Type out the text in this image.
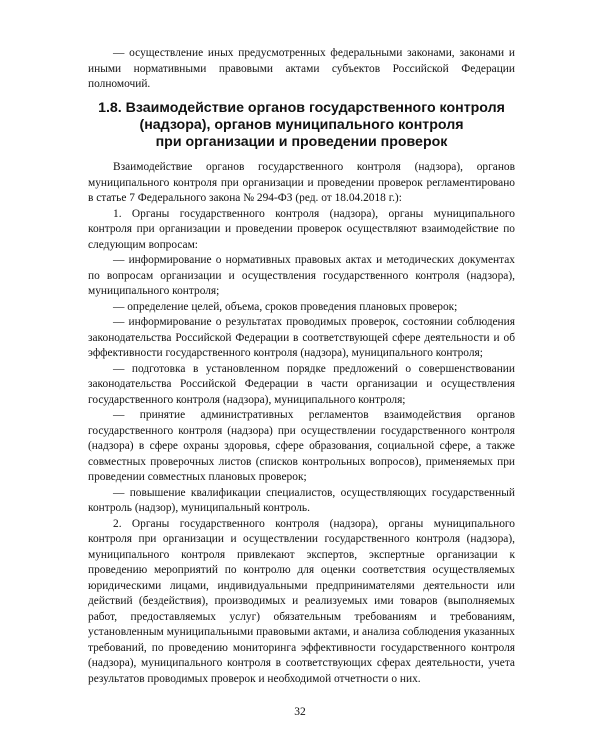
— осуществление иных предусмотренных федеральными законами, законами и иными нормативными правовыми актами субъектов Российской Федерации полномочий.

1.8. Взаимодействие органов государственного контроля
(надзора), органов муниципального контроля
при организации и проведении проверок

Взаимодействие органов государственного контроля (надзора), органов муниципального контроля при организации и проведении проверок регламентировано в статье 7 Федерального закона № 294-ФЗ (ред. от 18.04.2018 г.):

1. Органы государственного контроля (надзора), органы муниципального контроля при организации и проведении проверок осуществляют взаимодействие по следующим вопросам:

— информирование о нормативных правовых актах и методических документах по вопросам организации и осуществления государственного контроля (надзора), муниципального контроля;

— определение целей, объема, сроков проведения плановых проверок;

— информирование о результатах проводимых проверок, состоянии соблюдения законодательства Российской Федерации в соответствующей сфере деятельности и об эффективности государственного контроля (надзора), муниципального контроля;

— подготовка в установленном порядке предложений о совершенствовании законодательства Российской Федерации в части организации и осуществления государственного контроля (надзора), муниципального контроля;

— принятие административных регламентов взаимодействия органов государственного контроля (надзора) при осуществлении государственного контроля (надзора) в сфере охраны здоровья, сфере образования, социальной сфере, а также совместных проверочных листов (списков контрольных вопросов), применяемых при проведении совместных плановых проверок;

— повышение квалификации специалистов, осуществляющих государственный контроль (надзор), муниципальный контроль.

2. Органы государственного контроля (надзора), органы муниципального контроля при организации и осуществлении государственного контроля (надзора), муниципального контроля привлекают экспертов, экспертные организации к проведению мероприятий по контролю для оценки соответствия осуществляемых юридическими лицами, индивидуальными предпринимателями деятельности или действий (бездействия), производимых и реализуемых ими товаров (выполняемых работ, предоставляемых услуг) обязательным требованиям и требованиям, установленным муниципальными правовыми актами, и анализа соблюдения указанных требований, по проведению мониторинга эффективности государственного контроля (надзора), муниципального контроля в соответствующих сферах деятельности, учета результатов проводимых проверок и необходимой отчетности о них.

32
